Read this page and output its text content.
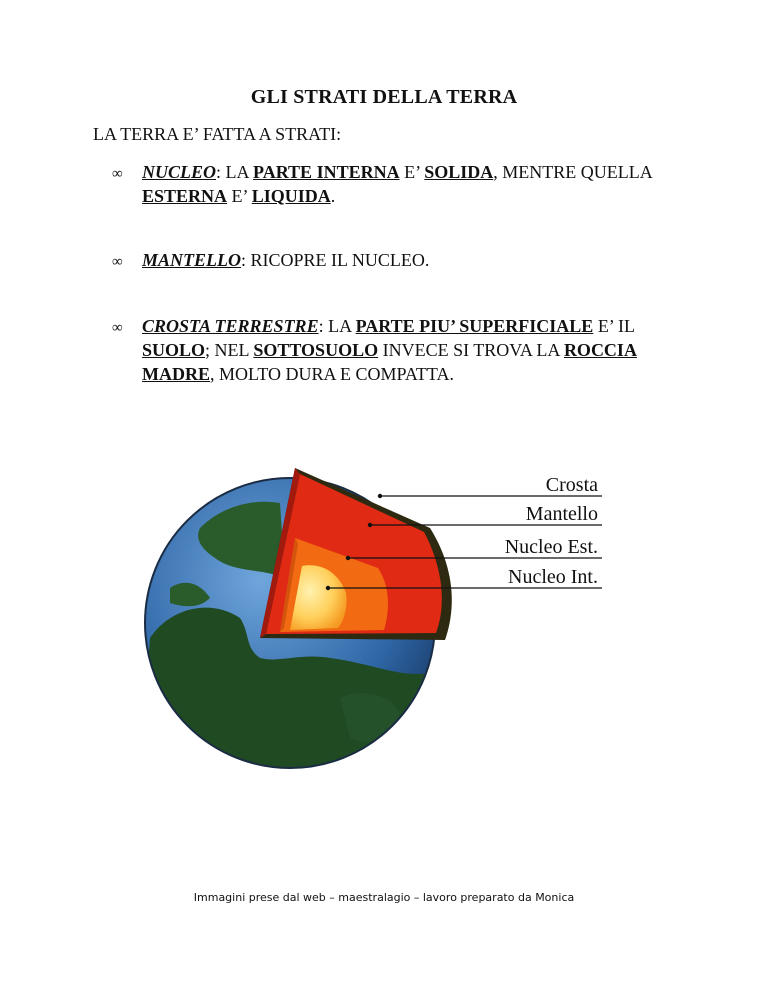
GLI STRATI DELLA TERRA
LA TERRA E’ FATTA A STRATI:
∞ NUCLEO: LA PARTE INTERNA E’ SOLIDA, MENTRE QUELLA ESTERNA E’ LIQUIDA.
∞ MANTELLO: RICOPRE IL NUCLEO.
∞ CROSTA TERRESTRE: LA PARTE PIU’ SUPERFICIALE E’ IL SUOLO; NEL SOTTOSUOLO INVECE SI TROVA LA ROCCIA MADRE, MOLTO DURA E COMPATTA.
Crosta
Mantello
Nucleo Est.
Nucleo Int.
Immagini prese dal web – maestralagio – lavoro preparato da Monica
